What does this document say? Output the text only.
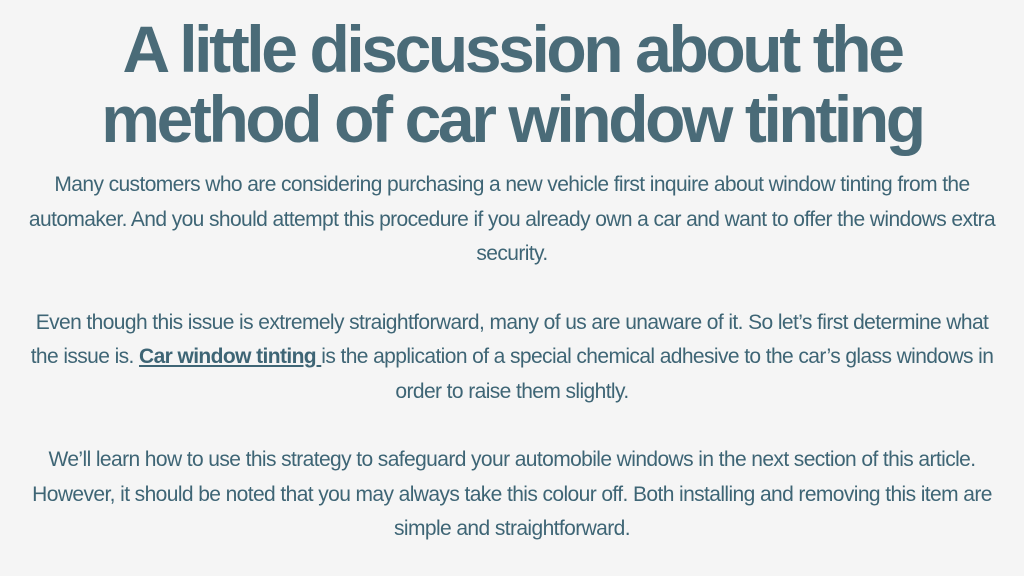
A little discussion about the
method of car window tinting

Many customers who are considering purchasing a new vehicle first inquire about window tinting from the automaker. And you should attempt this procedure if you already own a car and want to offer the windows extra security.

Even though this issue is extremely straightforward, many of us are unaware of it. So let’s first determine what the issue is. Car window tinting is the application of a special chemical adhesive to the car’s glass windows in order to raise them slightly.

We’ll learn how to use this strategy to safeguard your automobile windows in the next section of this article. However, it should be noted that you may always take this colour off. Both installing and removing this item are simple and straightforward.
